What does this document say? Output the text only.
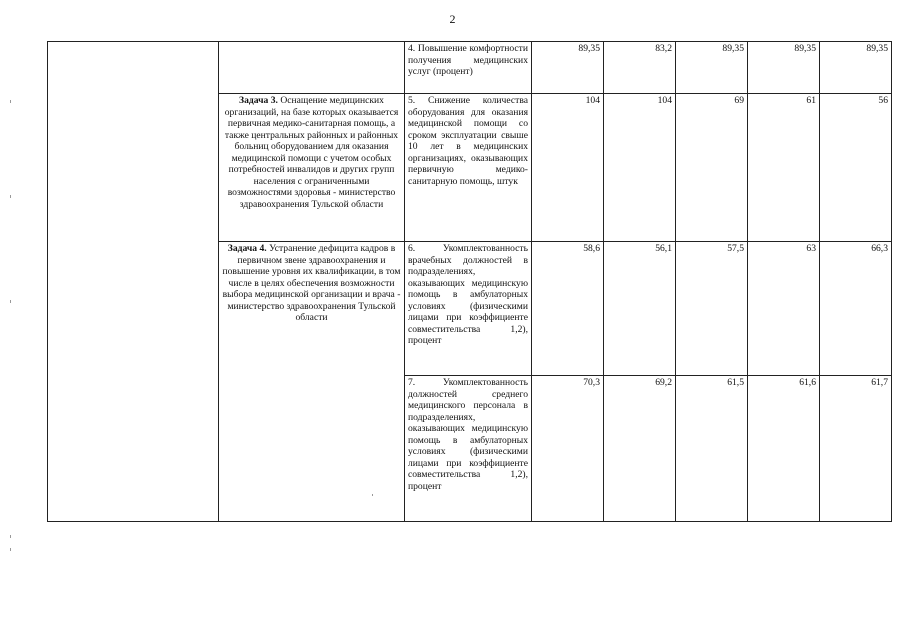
2
		4. Повышение комфортности получения медицинских услуг (процент)	89,35	83,2	89,35	89,35	89,35
	Задача 3. Оснащение медицинских организаций, на базе которых оказывается первичная медико-санитарная помощь, а также центральных районных и районных больниц оборудованием для оказания медицинской помощи с учетом особых потребностей инвалидов и других групп населения с ограниченными возможностями здоровья - министерство здравоохранения Тульской области	5. Снижение количества оборудования для оказания медицинской помощи со сроком эксплуатации свыше 10 лет в медицинских организациях, оказывающих первичную медико-санитарную помощь, штук	104	104	69	61	56
	Задача 4. Устранение дефицита кадров в первичном звене здравоохранения и повышение уровня их квалификации, в том числе в целях обеспечения возможности выбора медицинской организации и врача - министерство здравоохранения Тульской области	6. Укомплектованность врачебных должностей в подразделениях, оказывающих медицинскую помощь в амбулаторных условиях (физическими лицами при коэффициенте совместительства 1,2), процент	58,6	56,1	57,5	63	66,3
		7. Укомплектованность должностей среднего медицинского персонала в подразделениях, оказывающих медицинскую помощь в амбулаторных условиях (физическими лицами при коэффициенте совместительства 1,2), процент	70,3	69,2	61,5	61,6	61,7
